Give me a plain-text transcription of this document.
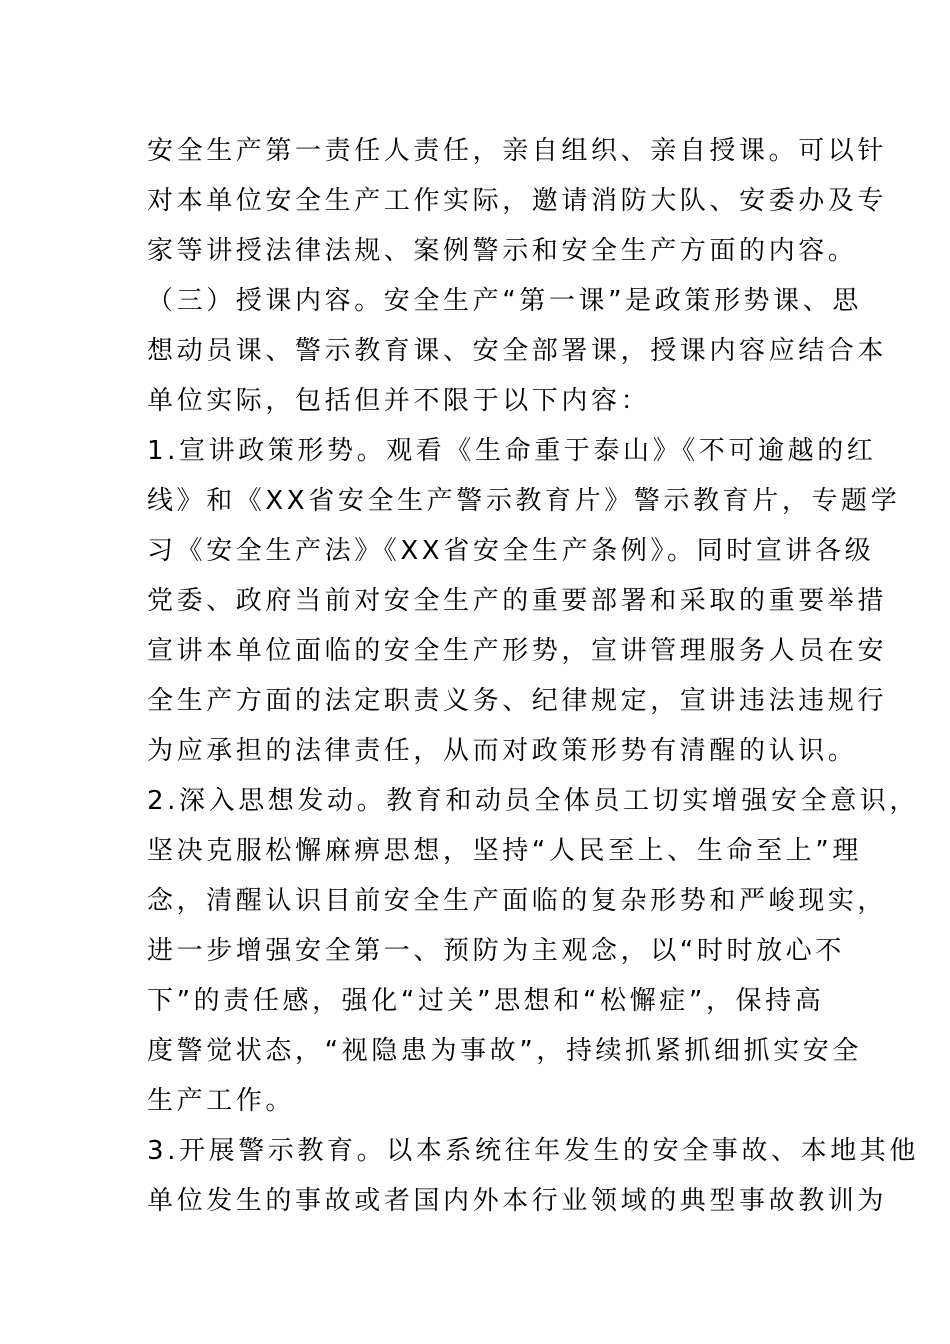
安全生产第一责任人责任，亲自组织、亲自授课。可以针
对本单位安全生产工作实际，邀请消防大队、安委办及专
家等讲授法律法规、案例警示和安全生产方面的内容。
（三）授课内容。安全生产“第一课”是政策形势课、思
想动员课、警示教育课、安全部署课，授课内容应结合本
单位实际，包括但并不限于以下内容：
1.宣讲政策形势。观看《生命重于泰山》《不可逾越的红
线》和《XX省安全生产警示教育片》警示教育片，专题学
习《安全生产法》《XX省安全生产条例》。同时宣讲各级
党委、政府当前对安全生产的重要部署和采取的重要举措
宣讲本单位面临的安全生产形势，宣讲管理服务人员在安
全生产方面的法定职责义务、纪律规定，宣讲违法违规行
为应承担的法律责任，从而对政策形势有清醒的认识。
2.深入思想发动。教育和动员全体员工切实增强安全意识，
坚决克服松懈麻痹思想，坚持“人民至上、生命至上”理
念，清醒认识目前安全生产面临的复杂形势和严峻现实，
进一步增强安全第一、预防为主观念，以“时时放心不
下”的责任感，强化“过关”思想和“松懈症”，保持高
度警觉状态，“视隐患为事故”，持续抓紧抓细抓实安全
生产工作。
3.开展警示教育。以本系统往年发生的安全事故、本地其他
单位发生的事故或者国内外本行业领域的典型事故教训为
